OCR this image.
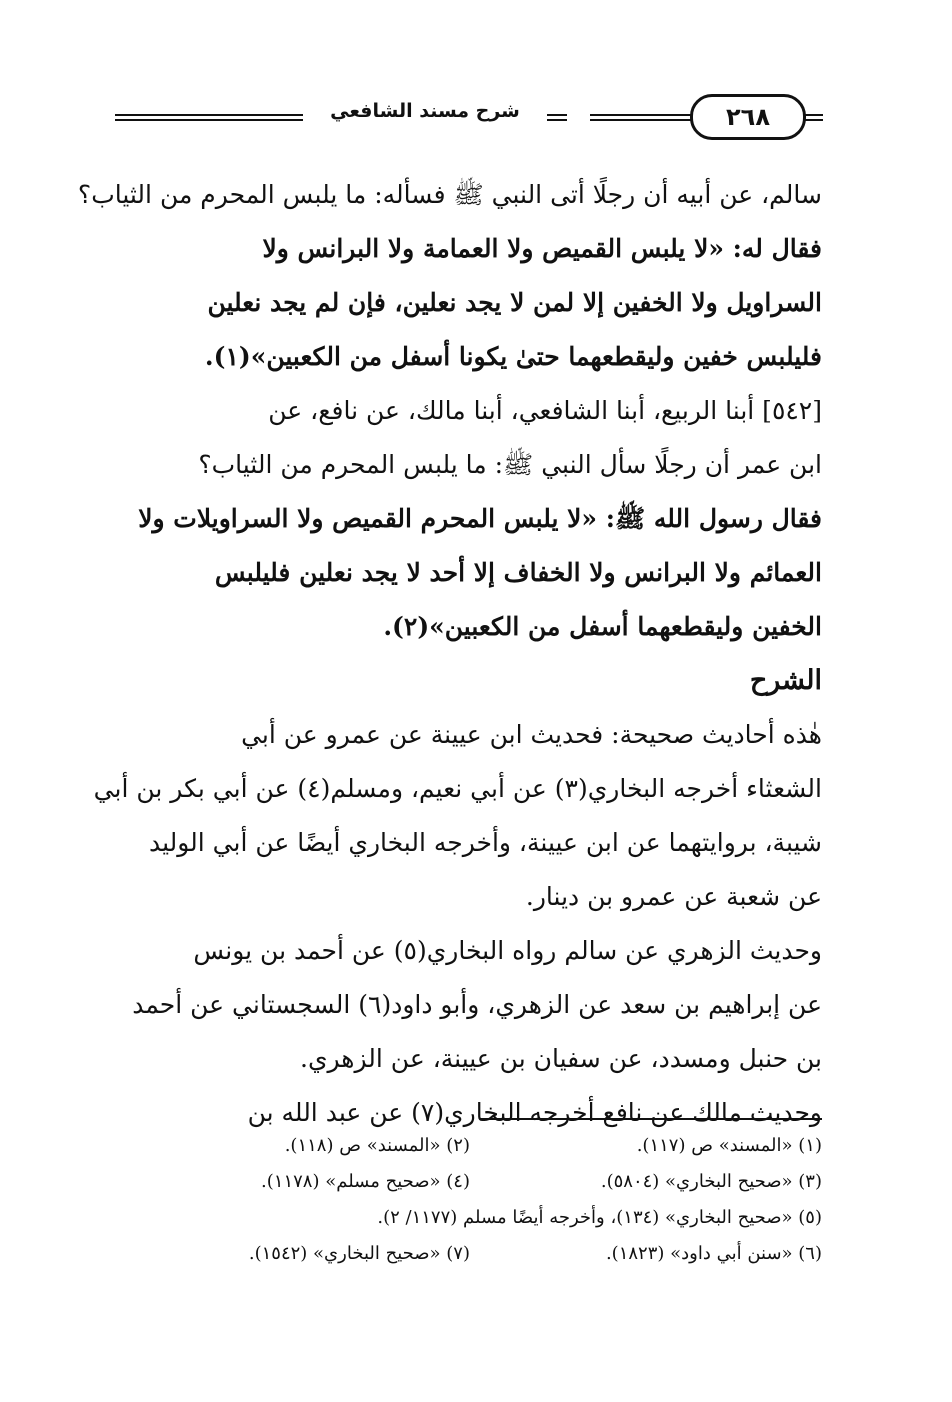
شرح مسند الشافعي	٢٦٨
سالم، عن أبيه أن رجلًا أتى النبي ﷺ فسأله: ما يلبس المحرم من الثياب؟
فقال له: «لا يلبس القميص ولا العمامة ولا البرانس ولا
السراويل ولا الخفين إلا لمن لا يجد نعلين، فإن لم يجد نعلين
فليلبس خفين وليقطعهما حتىٰ يكونا أسفل من الكعبين»(١).
[٥٤٢] أبنا الربيع، أبنا الشافعي، أبنا مالك، عن نافع، عن
ابن عمر أن رجلًا سأل النبي ﷺ: ما يلبس المحرم من الثياب؟
فقال رسول الله ﷺ: «لا يلبس المحرم القميص ولا السراويلات ولا
العمائم ولا البرانس ولا الخفاف إلا أحد لا يجد نعلين فليلبس
الخفين وليقطعهما أسفل من الكعبين»(٢).
الشرح
هٰذه أحاديث صحيحة: فحديث ابن عيينة عن عمرو عن أبي
الشعثاء أخرجه البخاري(٣) عن أبي نعيم، ومسلم(٤) عن أبي بكر بن أبي
شيبة، بروايتهما عن ابن عيينة، وأخرجه البخاري أيضًا عن أبي الوليد
عن شعبة عن عمرو بن دينار.
وحديث الزهري عن سالم رواه البخاري(٥) عن أحمد بن يونس
عن إبراهيم بن سعد عن الزهري، وأبو داود(٦) السجستاني عن أحمد
بن حنبل ومسدد، عن سفيان بن عيينة، عن الزهري.
وحديث مالك عن نافع أخرجه البخاري(٧) عن عبد الله بن
(١) «المسند» ص (١١٧).
(٢) «المسند» ص (١١٨).
(٣) «صحيح البخاري» (٥٨٠٤).
(٤) «صحيح مسلم» (١١٧٨).
(٥) «صحيح البخاري» (١٣٤)، وأخرجه أيضًا مسلم (١١٧٧/ ٢).
(٦) «سنن أبي داود» (١٨٢٣).
(٧) «صحيح البخاري» (١٥٤٢).
